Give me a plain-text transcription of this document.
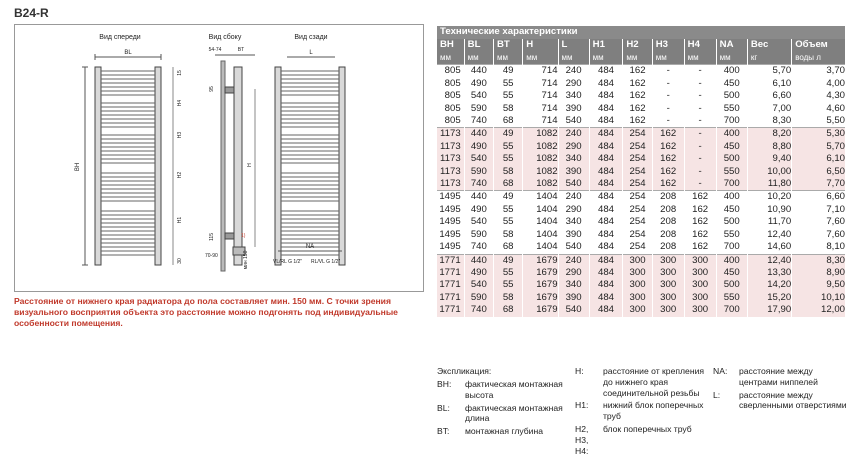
B24-R
Вид спереди	Вид сбоку	Вид сзади
BL
BH
15
H4
H3
H2
H1
30
54-74	BT
95
115	1)
70-90	мин 150
L
H
NA
VL/RL G 1/2" RL/VL G 1/2"
Расстояние от нижнего края радиатора до пола составляет мин. 150 мм. С точки зрения визуального восприятия объекта это расстояние можно подгонять под индивидуальные особенности помещения.
Технические характеристики											
BH	BL	BT	H	L	H1	H2	H3	H4	NA	Вес	Объем
мм	мм	мм	мм	мм	мм	мм	мм	мм	мм	кг	воды л
805	440	49	714	240	484	162	-	-	400	5,70	3,70
805	490	55	714	290	484	162	-	-	450	6,10	4,00
805	540	55	714	340	484	162	-	-	500	6,60	4,30
805	590	58	714	390	484	162	-	-	550	7,00	4,60
805	740	68	714	540	484	162	-	-	700	8,30	5,50
1173	440	49	1082	240	484	254	162	-	400	8,20	5,30
1173	490	55	1082	290	484	254	162	-	450	8,80	5,70
1173	540	55	1082	340	484	254	162	-	500	9,40	6,10
1173	590	58	1082	390	484	254	162	-	550	10,00	6,50
1173	740	68	1082	540	484	254	162	-	700	11,80	7,70
1495	440	49	1404	240	484	254	208	162	400	10,20	6,60
1495	490	55	1404	290	484	254	208	162	450	10,90	7,10
1495	540	55	1404	340	484	254	208	162	500	11,70	7,60
1495	590	58	1404	390	484	254	208	162	550	12,40	7,60
1495	740	68	1404	540	484	254	208	162	700	14,60	8,10
1771	440	49	1679	240	484	300	300	300	400	12,40	8,30
1771	490	55	1679	290	484	300	300	300	450	13,30	8,90
1771	540	55	1679	340	484	300	300	300	500	14,20	9,50
1771	590	58	1679	390	484	300	300	300	550	15,20	10,10
1771	740	68	1679	540	484	300	300	300	700	17,90	12,00
Экспликация:
BH:	фактическая монтажная высота
BL:	фактическая монтажная длина
BT:	монтажная глубина
H:	расстояние от крепления до нижнего края соединительной резьбы
H1:	нижний блок поперечных труб
H2, H3, H4:
блок поперечных труб
NA:	расстояние между центрами ниппелей
L:	расстояние между сверленными отверстиями
